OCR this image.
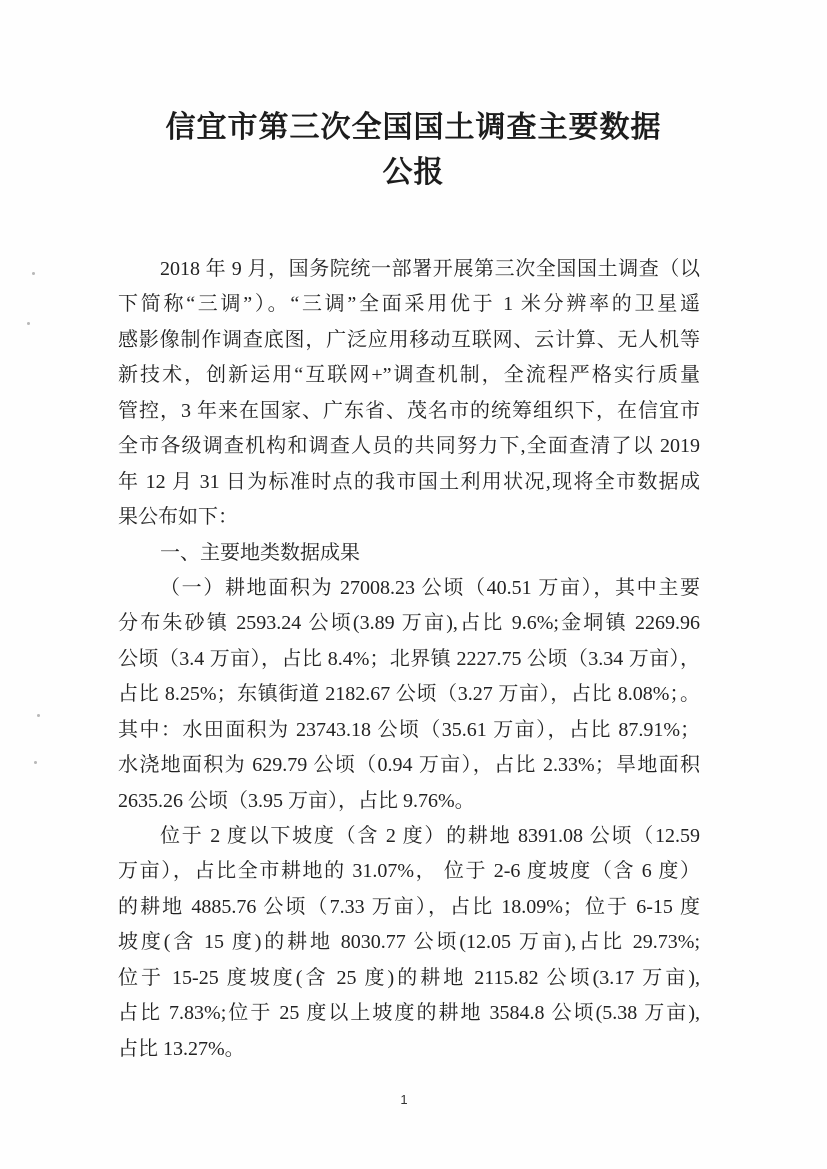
信宜市第三次全国国土调查主要数据
公报
2018 年 9 月，国务院统一部署开展第三次全国国土调查（以
下简称“三调”）。“三调”全面采用优于 1 米分辨率的卫星遥
感影像制作调查底图，广泛应用移动互联网、云计算、无人机等
新技术，创新运用“互联网+”调查机制，全流程严格实行质量
管控，3 年来在国家、广东省、茂名市的统筹组织下，在信宜市
全市各级调查机构和调查人员的共同努力下,全面查清了以 2019
年 12 月 31 日为标准时点的我市国土利用状况,现将全市数据成
果公布如下：
一、主要地类数据成果
（一）耕地面积为 27008.23 公顷（40.51 万亩），其中主要
分布朱砂镇 2593.24 公顷(3.89 万亩),占比 9.6%;金垌镇 2269.96
公顷（3.4 万亩），占比 8.4%；北界镇 2227.75 公顷（3.34 万亩），
占比 8.25%；东镇街道 2182.67 公顷（3.27 万亩），占比 8.08%；。
其中：水田面积为 23743.18 公顷（35.61 万亩），占比 87.91%；
水浇地面积为 629.79 公顷（0.94 万亩），占比 2.33%；旱地面积
2635.26 公顷（3.95 万亩），占比 9.76%。
位于 2 度以下坡度（含 2 度）的耕地 8391.08 公顷（12.59
万亩），占比全市耕地的 31.07%， 位于 2-6 度坡度（含 6 度）
的耕地 4885.76 公顷（7.33 万亩），占比 18.09%；位于 6-15 度
坡度(含 15 度)的耕地 8030.77 公顷(12.05 万亩),占比 29.73%;
位于 15-25 度坡度(含 25 度)的耕地 2115.82 公顷(3.17 万亩),
占比 7.83%;位于 25 度以上坡度的耕地 3584.8 公顷(5.38 万亩),
占比 13.27%。
1
